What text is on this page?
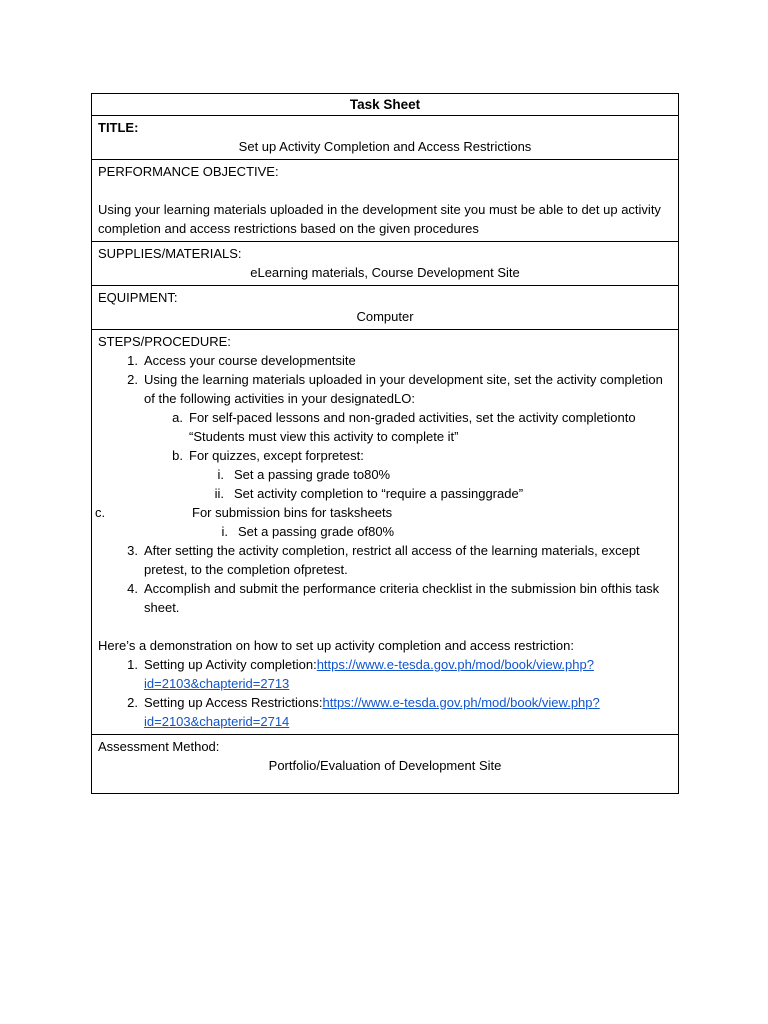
Task Sheet
TITLE:
Set up Activity Completion and Access Restrictions
PERFORMANCE OBJECTIVE:
Using your learning materials uploaded in the development site you must be able to det up activity completion and access restrictions based on the given procedures
SUPPLIES/MATERIALS:
eLearning materials, Course Development Site
EQUIPMENT:
Computer
STEPS/PROCEDURE:
1. Access your course developmentsite
2. Using the learning materials uploaded in your development site, set the activity completion of the following activities in your designatedLO:
a. For self-paced lessons and non-graded activities, set the activity completionto “Students must view this activity to complete it”
b. For quizzes, except forpretest:
i. Set a passing grade to80%
ii. Set activity completion to “require a passinggrade”
c.	For submission bins for tasksheets
i. Set a passing grade of80%
3. After setting the activity completion, restrict all access of the learning materials, except pretest, to the completion ofpretest.
4. Accomplish and submit the performance criteria checklist in the submission bin ofthis task sheet.
Here’s a demonstration on how to set up activity completion and access restriction:
1. Setting up Activity completion:https://www.e-tesda.gov.ph/mod/book/view.php?id=2103&chapterid=2713
2. Setting up Access Restrictions:https://www.e-tesda.gov.ph/mod/book/view.php?id=2103&chapterid=2714
Assessment Method:
Portfolio/Evaluation of Development Site
